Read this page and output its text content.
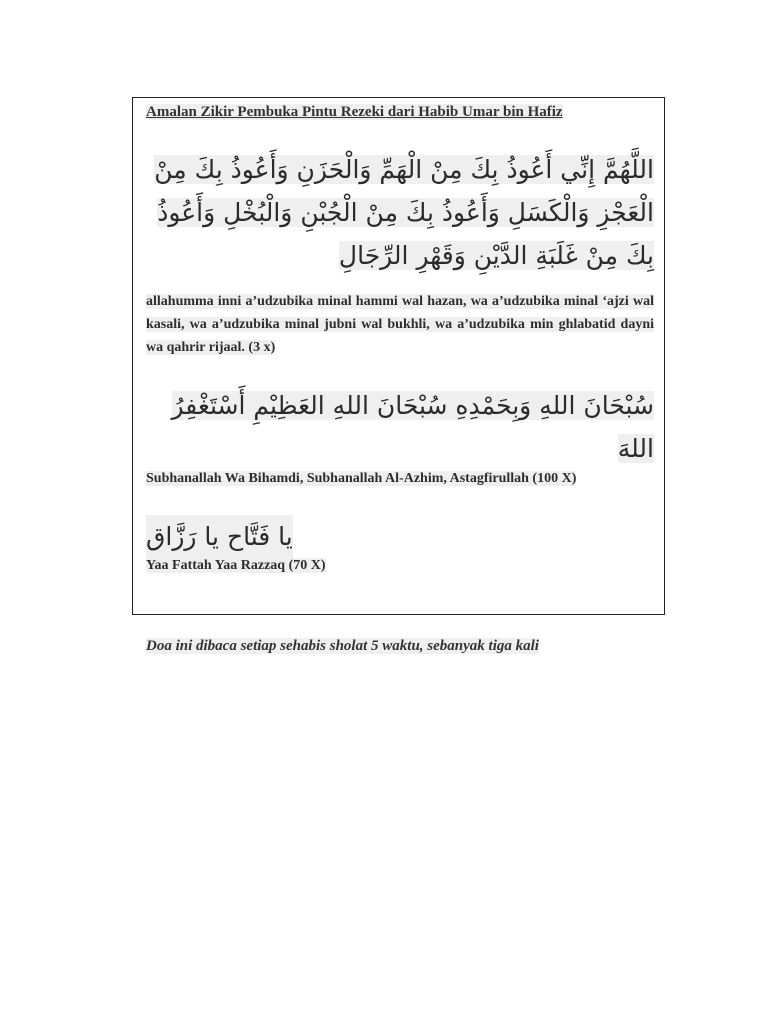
Amalan Zikir Pembuka Pintu Rezeki dari Habib Umar bin Hafiz
اللَّهُمَّ إِنِّي أَعُوذُ بِكَ مِنْ الْهَمِّ وَالْحَزَنِ وَأَعُوذُ بِكَ مِنْ الْعَجْزِ وَالْكَسَلِ وَأَعُوذُ بِكَ مِنْ الْجُبْنِ وَالْبُخْلِ وَأَعُوذُ بِكَ مِنْ غَلَبَةِ الدَّيْنِ وَقَهْرِ الرِّجَالِ
allahumma inni a’udzubika minal hammi wal hazan, wa a’udzubika minal ‘ajzi wal kasali, wa a’udzubika minal jubni wal bukhli, wa a’udzubika min ghlabatid dayni wa qahrir rijaal. (3 x)
سُبْحَانَ اللهِ وَبِحَمْدِهِ سُبْحَانَ اللهِ العَظِيْمِ أَسْتَغْفِرُ اللهَ
Subhanallah Wa Bihamdi, Subhanallah Al-Azhim, Astagfirullah (100 X)
يا فَتَّاح يا رَزَّاق
Yaa Fattah Yaa Razzaq (70 X)
Doa ini dibaca setiap sehabis sholat 5 waktu, sebanyak tiga kali
